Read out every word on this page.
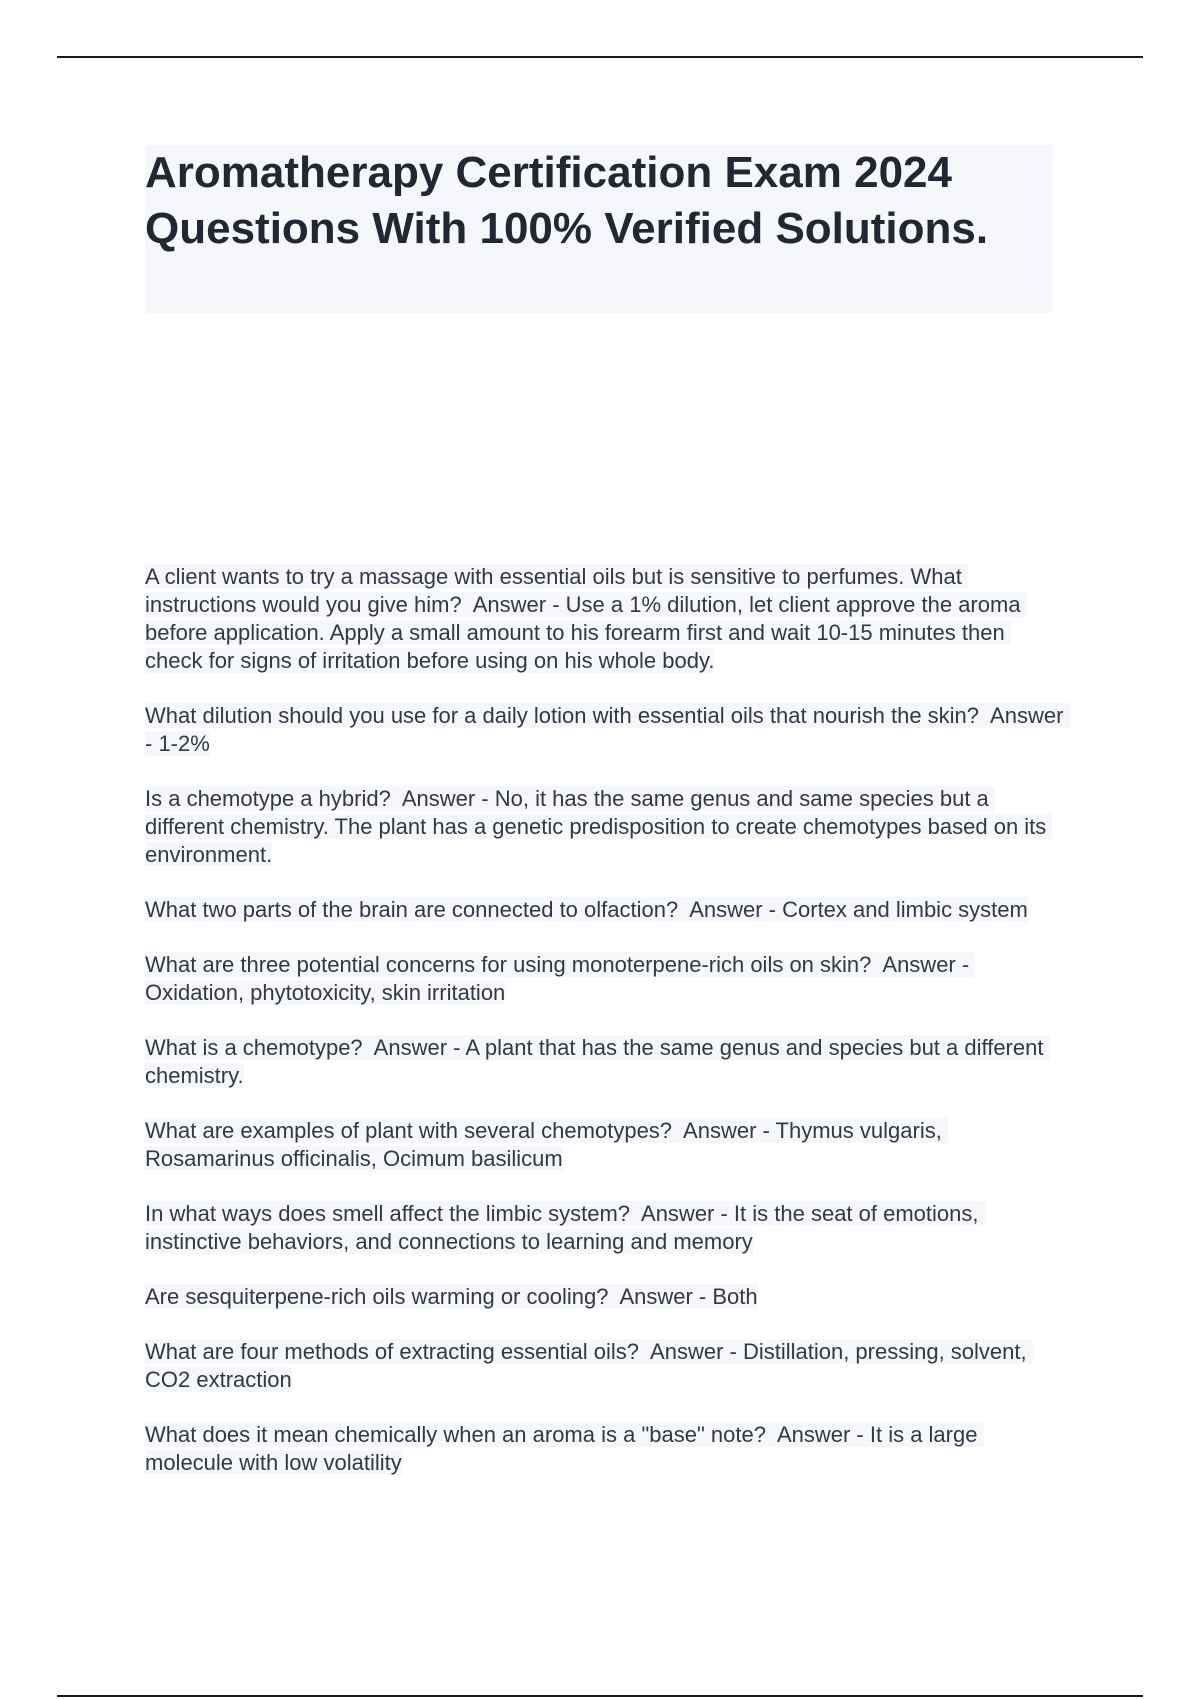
Aromatherapy Certification Exam 2024 Questions With 100% Verified Solutions.
A client wants to try a massage with essential oils but is sensitive to perfumes. What instructions would you give him?  Answer - Use a 1% dilution, let client approve the aroma before application. Apply a small amount to his forearm first and wait 10-15 minutes then check for signs of irritation before using on his whole body.
What dilution should you use for a daily lotion with essential oils that nourish the skin?  Answer - 1-2%
Is a chemotype a hybrid?  Answer - No, it has the same genus and same species but a different chemistry. The plant has a genetic predisposition to create chemotypes based on its environment.
What two parts of the brain are connected to olfaction?  Answer - Cortex and limbic system
What are three potential concerns for using monoterpene-rich oils on skin?  Answer - Oxidation, phytotoxicity, skin irritation
What is a chemotype?  Answer - A plant that has the same genus and species but a different chemistry.
What are examples of plant with several chemotypes?  Answer - Thymus vulgaris, Rosamarinus officinalis, Ocimum basilicum
In what ways does smell affect the limbic system?  Answer - It is the seat of emotions, instinctive behaviors, and connections to learning and memory
Are sesquiterpene-rich oils warming or cooling?  Answer - Both
What are four methods of extracting essential oils?  Answer - Distillation, pressing, solvent, CO2 extraction
What does it mean chemically when an aroma is a "base" note?  Answer - It is a large molecule with low volatility
